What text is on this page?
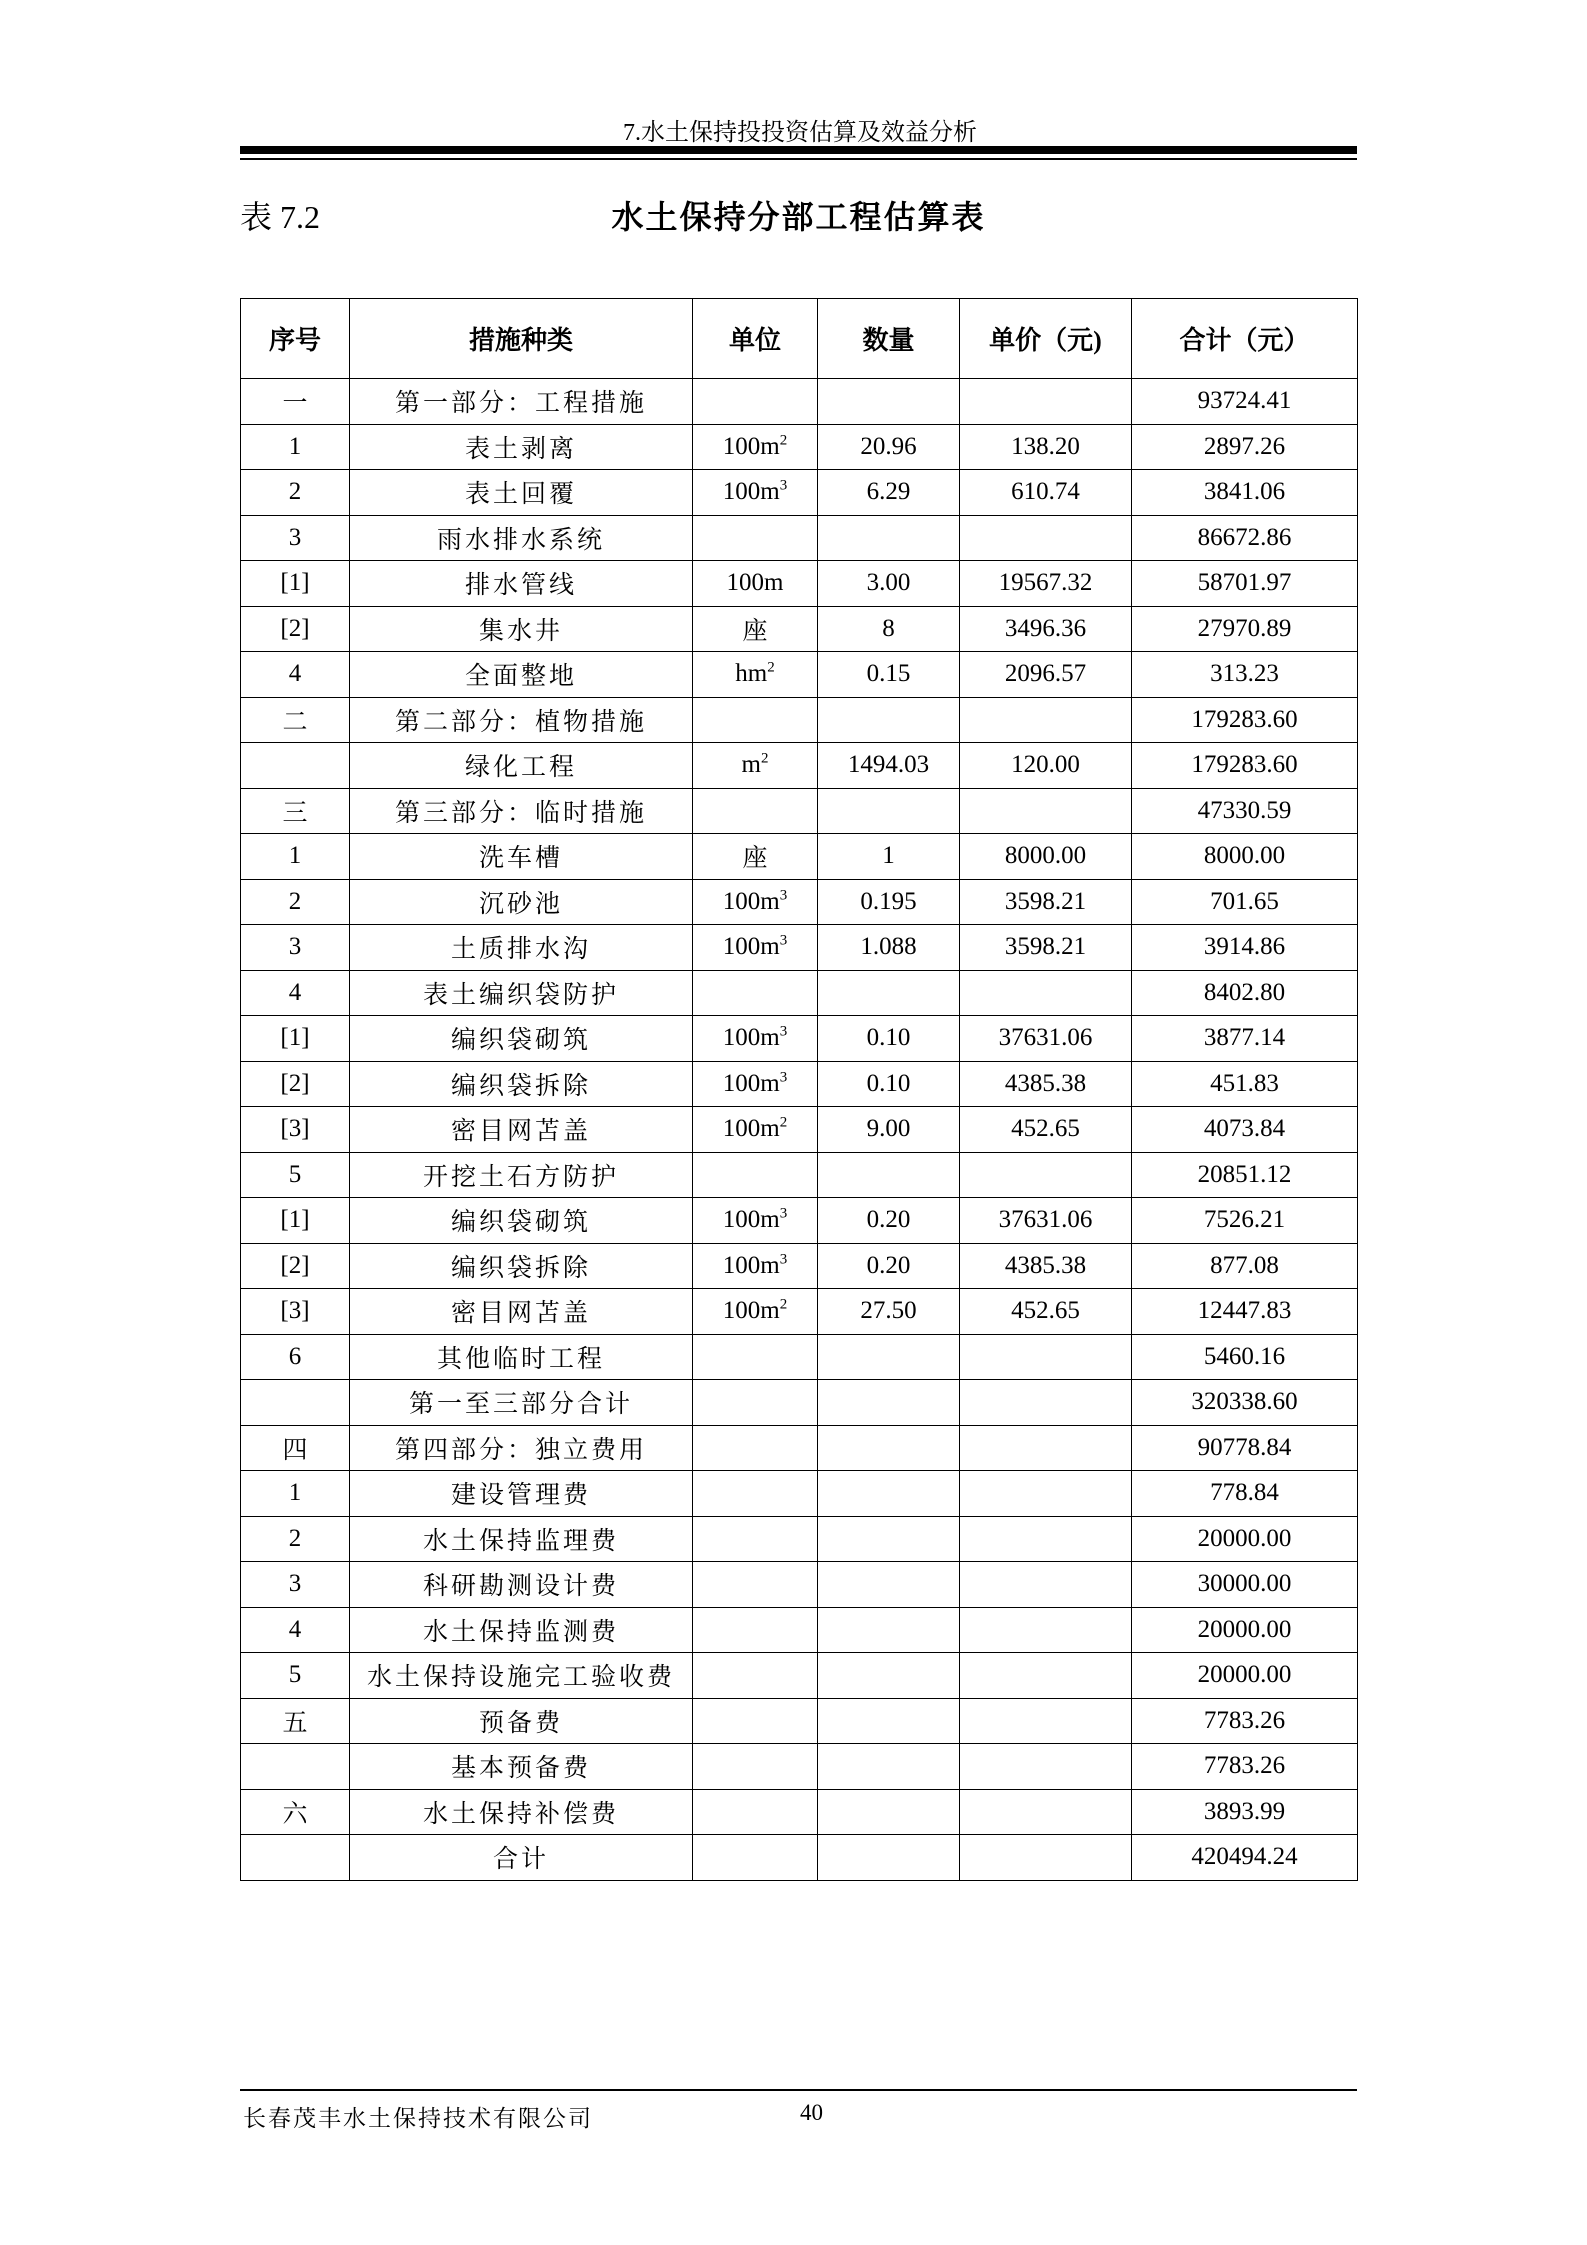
7.水土保持投投资估算及效益分析
表 7.2	水土保持分部工程估算表
序号	措施种类	单位	数量	单价（元)	合计（元）
一	第一部分：工程措施				93724.41
1	表土剥离	$100m^2$	20.96	138.20	2897.26
2	表土回覆	$100m^3$	6.29	610.74	3841.06
3	雨水排水系统				86672.86
[1]	排水管线	100m	3.00	19567.32	58701.97
[2]	集水井	座	8	3496.36	27970.89
4	全面整地	$hm^2$	0.15	2096.57	313.23
二	第二部分：植物措施				179283.60
	绿化工程	$m^2$	1494.03	120.00	179283.60
三	第三部分：临时措施				47330.59
1	洗车槽	座	1	8000.00	8000.00
2	沉砂池	$100m^3$	0.195	3598.21	701.65
3	土质排水沟	$100m^3$	1.088	3598.21	3914.86
4	表土编织袋防护				8402.80
[1]	编织袋砌筑	$100m^3$	0.10	37631.06	3877.14
[2]	编织袋拆除	$100m^3$	0.10	4385.38	451.83
[3]	密目网苫盖	$100m^2$	9.00	452.65	4073.84
5	开挖土石方防护				20851.12
[1]	编织袋砌筑	$100m^3$	0.20	37631.06	7526.21
[2]	编织袋拆除	$100m^3$	0.20	4385.38	877.08
[3]	密目网苫盖	$100m^2$	27.50	452.65	12447.83
6	其他临时工程				5460.16
	第一至三部分合计				320338.60
四	第四部分：独立费用				90778.84
1	建设管理费				778.84
2	水土保持监理费				20000.00
3	科研勘测设计费				30000.00
4	水土保持监测费				20000.00
5	水土保持设施完工验收费				20000.00
五	预备费				7783.26
	基本预备费				7783.26
六	水土保持补偿费				3893.99
	合计				420494.24
长春茂丰水土保持技术有限公司	40
